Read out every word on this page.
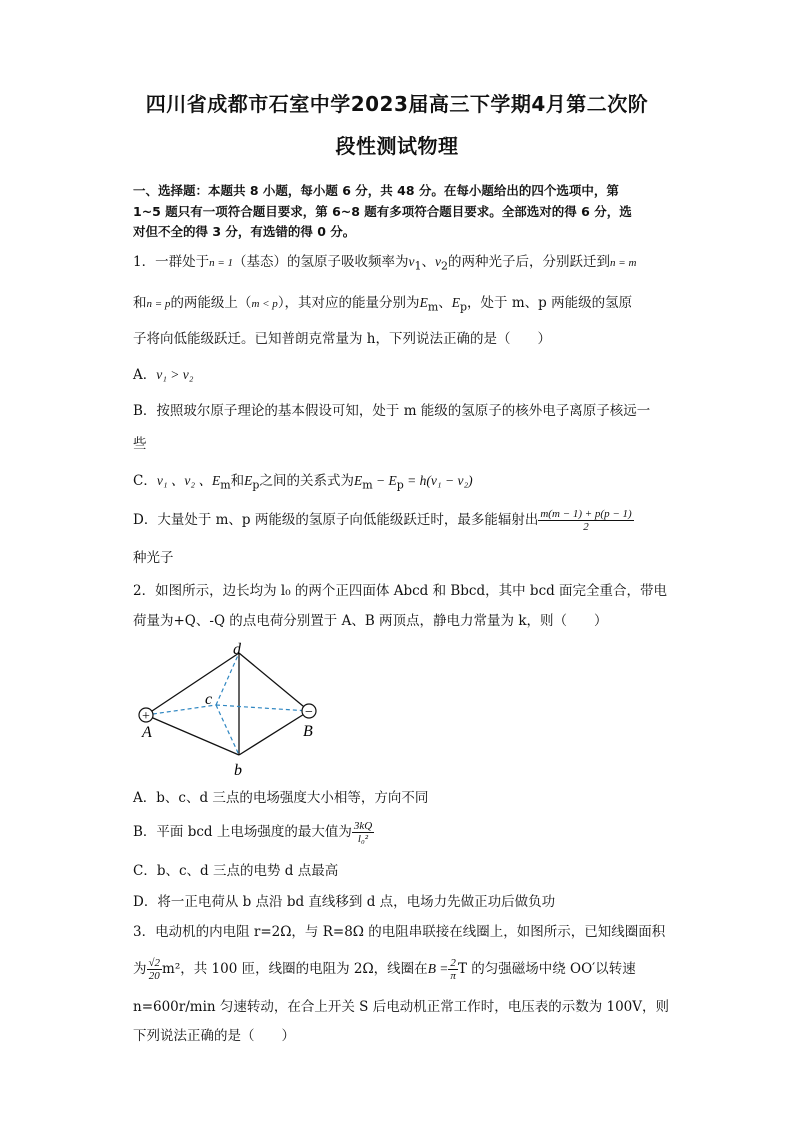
四川省成都市石室中学2023届高三下学期4月第二次阶
段性测试物理
一、选择题：本题共 8 小题，每小题 6 分，共 48 分。在每小题给出的四个选项中，第
1~5 题只有一项符合题目要求，第 6~8 题有多项符合题目要求。全部选对的得 6 分，选
对但不全的得 3 分，有选错的得 0 分。
1．一群处于n = 1（基态）的氢原子吸收频率为$\nu_1$、$\nu_2$的两种光子后，分别跃迁到n = m
和n = p的两能级上（m < p），其对应的能量分别为$E_m$、$E_p$，处于 m、p 两能级的氢原
子将向低能级跃迁。已知普朗克常量为 h，下列说法正确的是（　　）
A．ν₁ > ν₂
B．按照玻尔原子理论的基本假设可知，处于 m 能级的氢原子的核外电子离原子核远一
些
C．ν₁ 、ν₂ 、$E_m$和$E_p$之间的关系式为$E_m - E_p = h(\nu_1 - \nu_2)$
D．大量处于 m、p 两能级的氢原子向低能级跃迁时，最多能辐射出 $\frac{m(m - 1) + p(p - 1)}{2}$
种光子
2．如图所示，边长均为 l₀ 的两个正四面体 Abcd 和 Bbcd，其中 bcd 面完全重合，带电
荷量为+Q、-Q 的点电荷分别置于 A、B 两顶点，静电力常量为 k，则（　　）
+	−
d
c
A	B
b
A．b、c、d 三点的电场强度大小相等，方向不同
B．平面 bcd 上电场强度的最大值为 $\frac{3kQ}{\text{l₀²}}$
C．b、c、d 三点的电势 d 点最高
D．将一正电荷从 b 点沿 bd 直线移到 d 点，电场力先做正功后做负功
3．电动机的内电阻 r=2Ω，与 R=8Ω 的电阻串联接在线圈上，如图所示，已知线圈面积
为 $\frac{√2}{20} m^2$，共 100 匝，线圈的电阻为 2Ω，线圈在$B = \frac{2}{\pi}$ T 的匀强磁场中绕 OO′以转速
n=600r/min 匀速转动，在合上开关 S 后电动机正常工作时，电压表的示数为 100V，则
下列说法正确的是（　　）
